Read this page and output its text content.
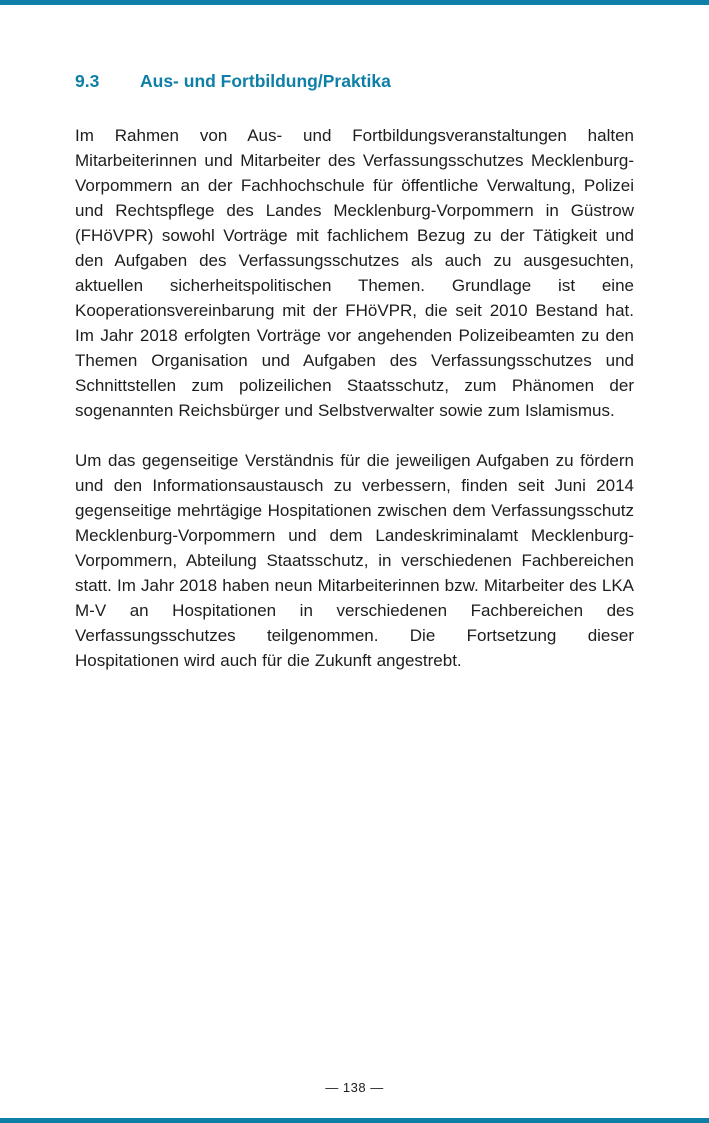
9.3	Aus- und Fortbildung/Praktika

Im Rahmen von Aus- und Fortbildungsveranstaltungen halten Mitarbeiterinnen und Mitarbeiter des Verfassungsschutzes Mecklenburg-Vorpommern an der Fachhochschule für öffentliche Verwaltung, Polizei und Rechtspflege des Landes Mecklenburg-Vorpommern in Güstrow (FHöVPR) sowohl Vorträge mit fachlichem Bezug zu der Tätigkeit und den Aufgaben des Verfassungsschutzes als auch zu ausgesuchten, aktuellen sicherheitspolitischen Themen. Grundlage ist eine Kooperationsvereinbarung mit der FHöVPR, die seit 2010 Bestand hat. Im Jahr 2018 erfolgten Vorträge vor angehenden Polizeibeamten zu den Themen Organisation und Aufgaben des Verfassungsschutzes und Schnittstellen zum polizeilichen Staatsschutz, zum Phänomen der sogenannten Reichsbürger und Selbstverwalter sowie zum Islamismus.

Um das gegenseitige Verständnis für die jeweiligen Aufgaben zu fördern und den Informationsaustausch zu verbessern, finden seit Juni 2014 gegenseitige mehrtägige Hospitationen zwischen dem Verfassungsschutz Mecklenburg-Vorpommern und dem Landeskriminalamt Mecklenburg-Vorpommern, Abteilung Staatsschutz, in verschiedenen Fachbereichen statt. Im Jahr 2018 haben neun Mitarbeiterinnen bzw. Mitarbeiter des LKA M-V an Hospitationen in verschiedenen Fachbereichen des Verfassungsschutzes teilgenommen. Die Fortsetzung dieser Hospitationen wird auch für die Zukunft angestrebt.

— 138 —
